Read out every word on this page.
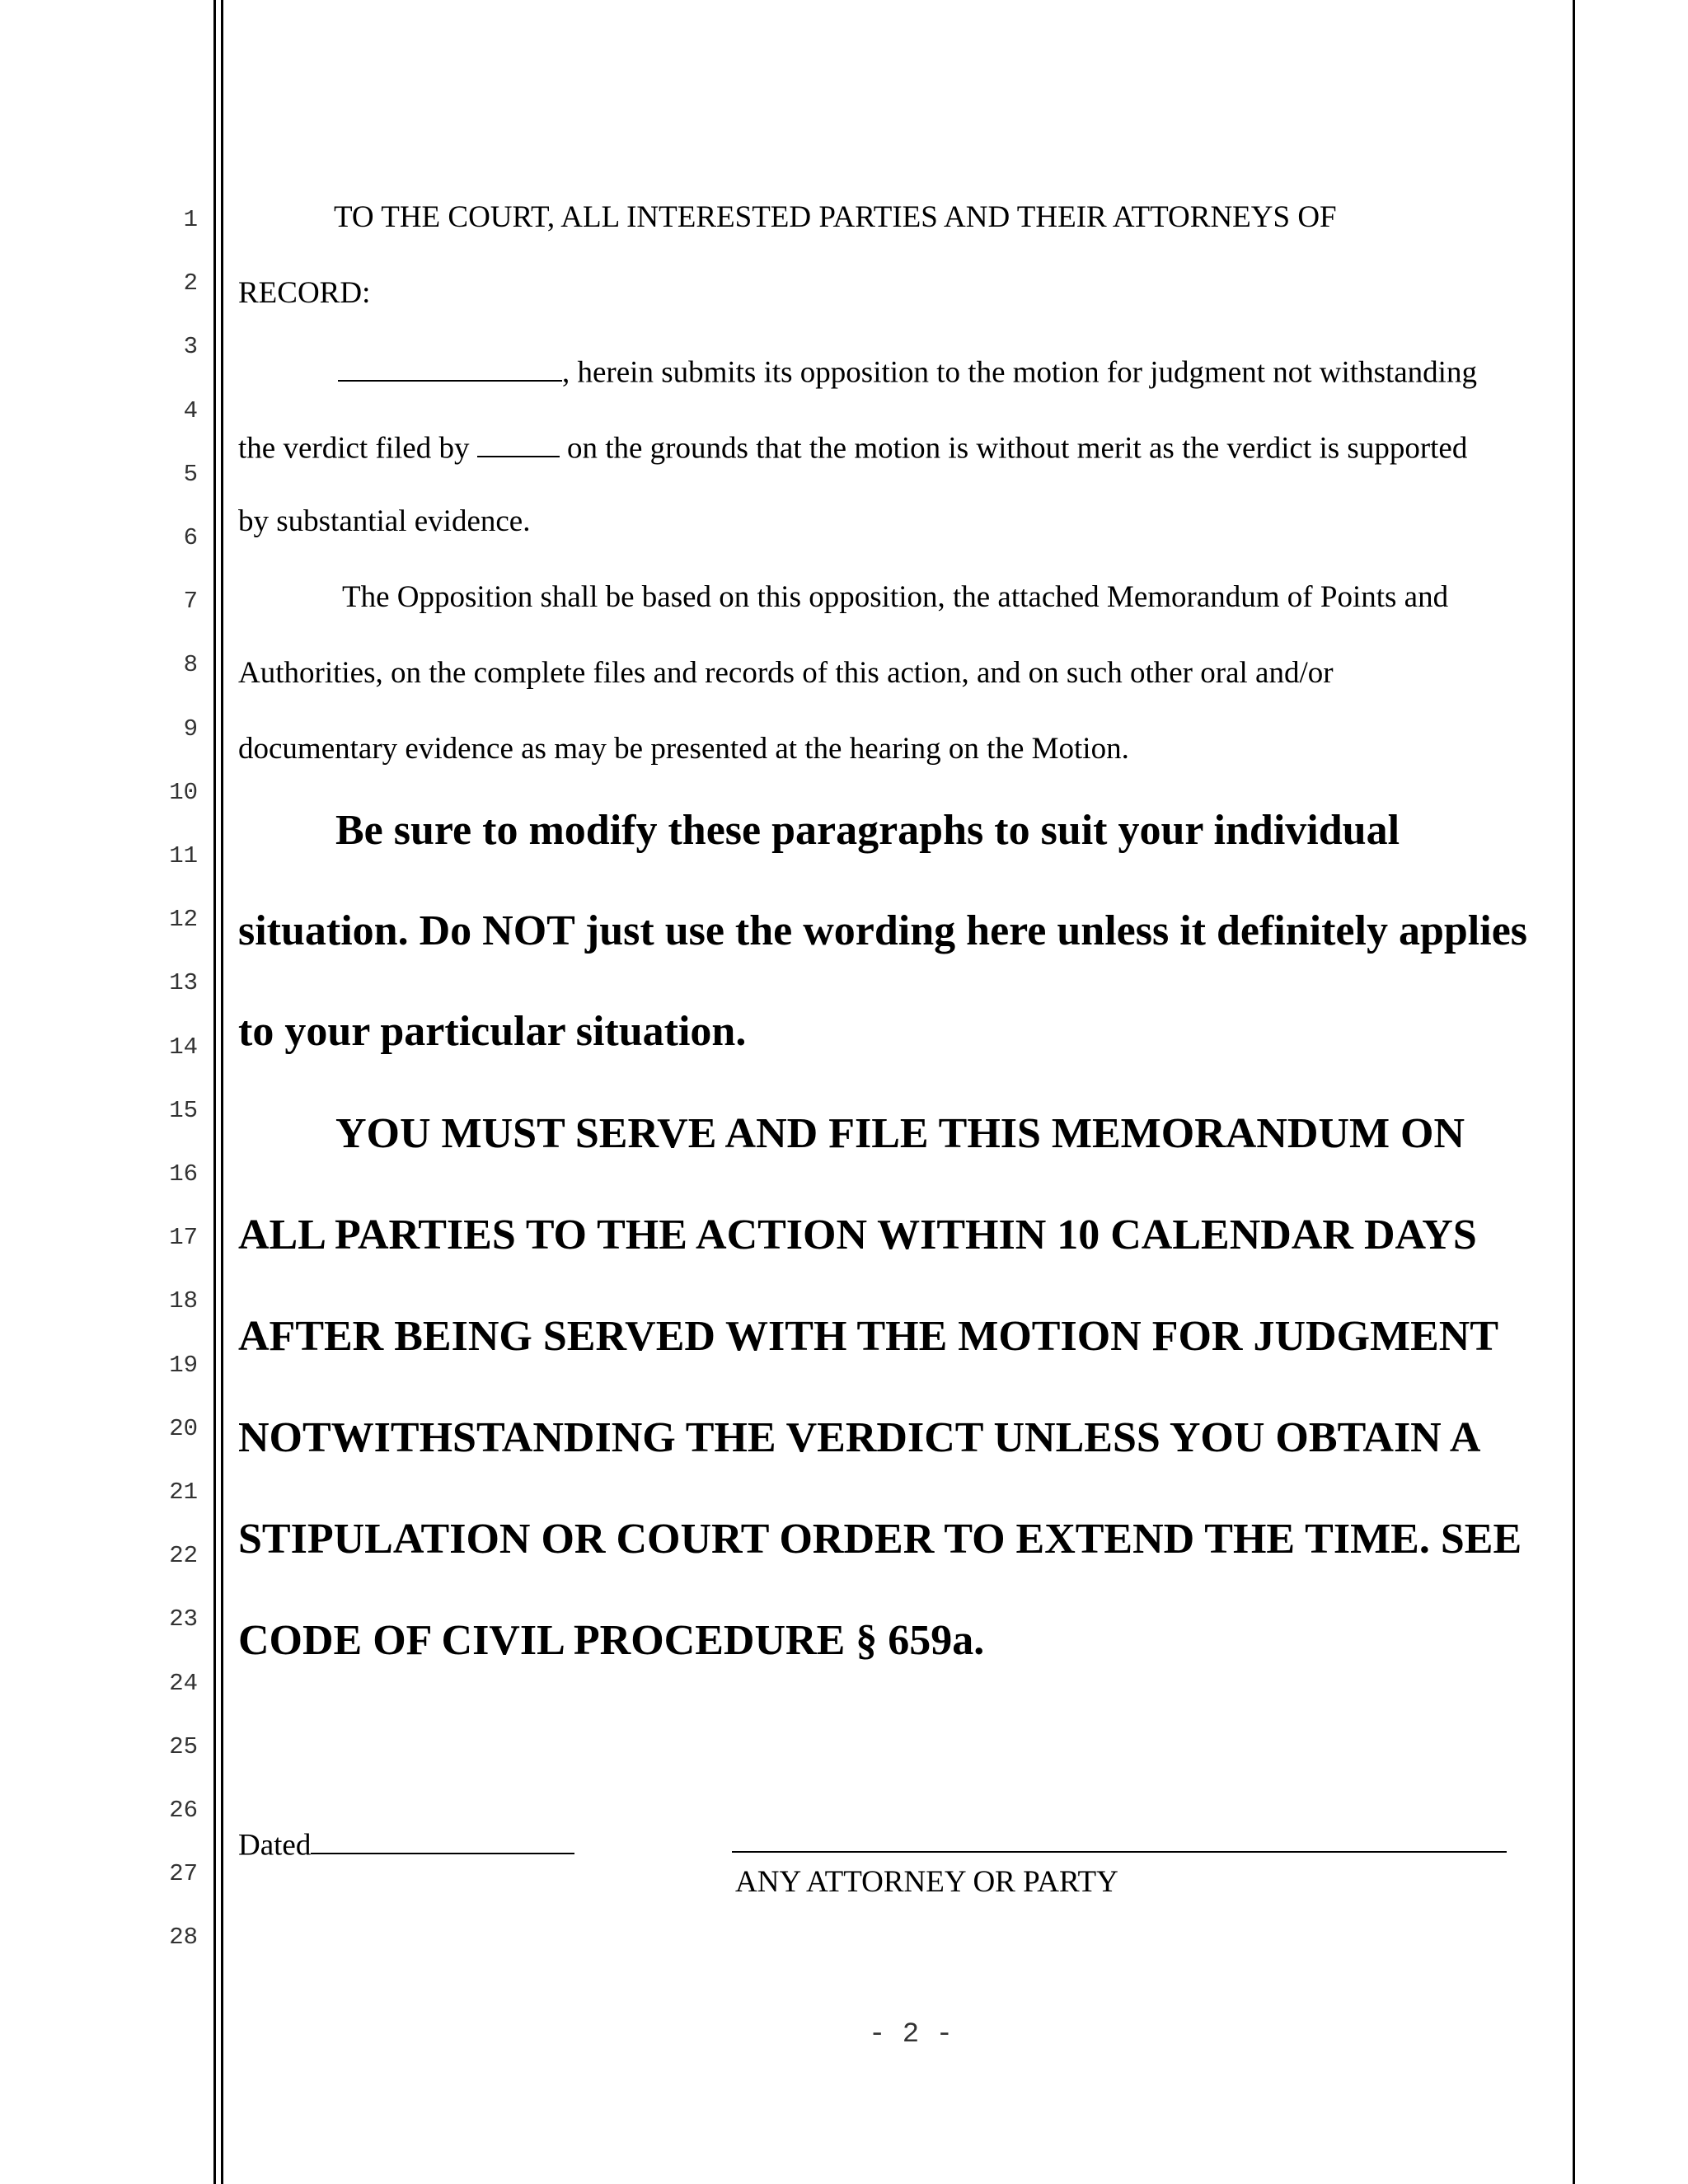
1
2
3
4
5
6
7
8
9
10
11
12
13
14
15
16
17
18
19
20
21
22
23
24
25
26
27
28
TO THE COURT, ALL INTERESTED PARTIES AND THEIR ATTORNEYS OF
RECORD:
, herein submits its opposition to the motion for judgment not withstanding
the verdict filed by	on the grounds that the motion is without merit as the verdict is supported
by substantial evidence.
The Opposition shall be based on this opposition, the attached Memorandum of Points and
Authorities, on the complete files and records of this action, and on such other oral and/or
documentary evidence as may be presented at the hearing on the Motion.
Be sure to modify these paragraphs to suit your individual
situation. Do NOT just use the wording here unless it definitely applies
to your particular situation.
YOU MUST SERVE AND FILE THIS MEMORANDUM ON
ALL PARTIES TO THE ACTION WITHIN 10 CALENDAR DAYS
AFTER BEING SERVED WITH THE MOTION FOR JUDGMENT
NOTWITHSTANDING THE VERDICT UNLESS YOU OBTAIN A
STIPULATION OR COURT ORDER TO EXTEND THE TIME. SEE
CODE OF CIVIL PROCEDURE § 659a.
Dated
ANY ATTORNEY OR PARTY
- 2 -
